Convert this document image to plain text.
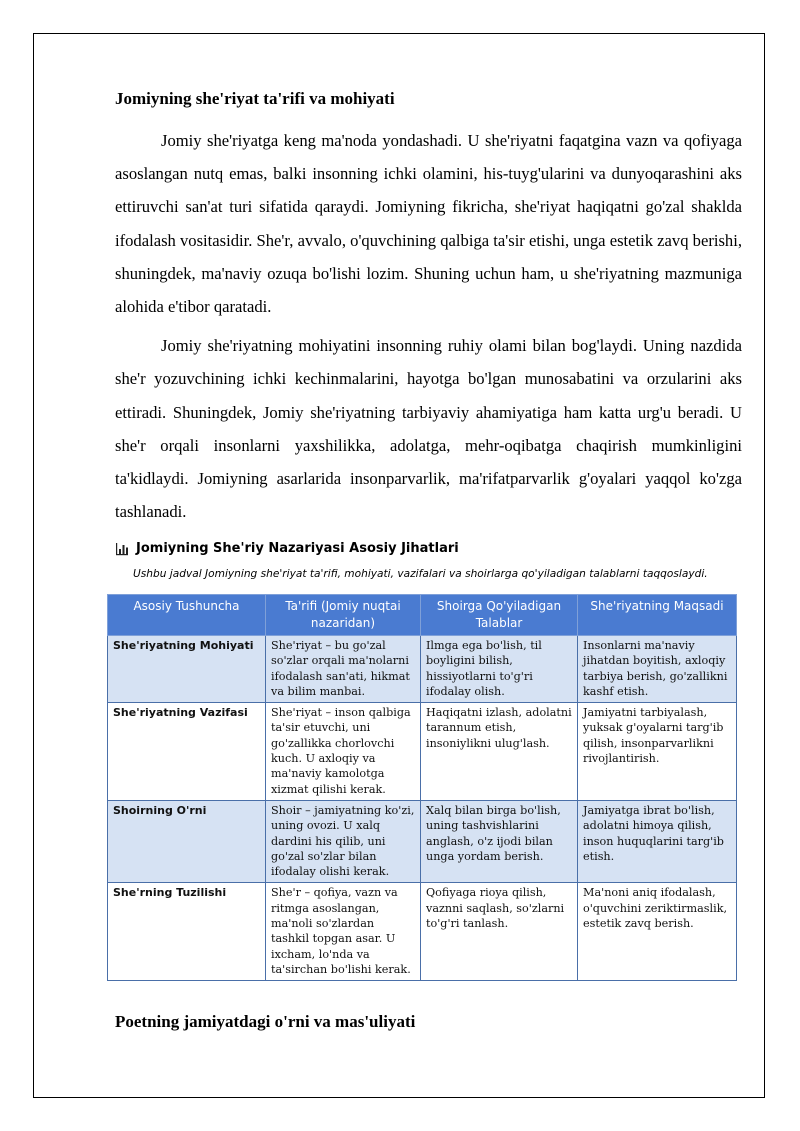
Jomiyning she'riyat ta'rifi va mohiyati

Jomiy she'riyatga keng ma'noda yondashadi. U she'riyatni faqatgina vazn va qofiyaga asoslangan nutq emas, balki insonning ichki olamini, his-tuyg'ularini va dunyoqarashini aks ettiruvchi san'at turi sifatida qaraydi. Jomiyning fikricha, she'riyat haqiqatni go'zal shaklda ifodalash vositasidir. She'r, avvalo, o'quvchining qalbiga ta'sir etishi, unga estetik zavq berishi, shuningdek, ma'naviy ozuqa bo'lishi lozim. Shuning uchun ham, u she'riyatning mazmuniga alohida e'tibor qaratadi.

Jomiy she'riyatning mohiyatini insonning ruhiy olami bilan bog'laydi. Uning nazdida she'r yozuvchining ichki kechinmalarini, hayotga bo'lgan munosabatini va orzularini aks ettiradi. Shuningdek, Jomiy she'riyatning tarbiyaviy ahamiyatiga ham katta urg'u beradi. U she'r orqali insonlarni yaxshilikka, adolatga, mehr-oqibatga chaqirish mumkinligini ta'kidlaydi. Jomiyning asarlarida insonparvarlik, ma'rifatparvarlik g'oyalari yaqqol ko'zga tashlanadi.

Jomiyning She'riy Nazariyasi Asosiy Jihatlari
Ushbu jadval Jomiyning she'riyat ta'rifi, mohiyati, vazifalari va shoirlarga qo'yiladigan talablarni taqqoslaydi.
Asosiy Tushuncha	Ta'rifi (Jomiy nuqtai nazaridan)	Shoirga Qo'yiladigan Talablar	She'riyatning Maqsadi
She'riyatning Mohiyati	She'riyat – bu go'zal so'zlar orqali ma'nolarni ifodalash san'ati, hikmat va bilim manbai.	Ilmga ega bo'lish, til boyligini bilish, hissiyotlarni to'g'ri ifodalay olish.	Insonlarni ma'naviy jihatdan boyitish, axloqiy tarbiya berish, go'zallikni kashf etish.
She'riyatning Vazifasi	She'riyat – inson qalbiga ta'sir etuvchi, uni go'zallikka chorlovchi kuch. U axloqiy va ma'naviy kamolotga xizmat qilishi kerak.	Haqiqatni izlash, adolatni tarannum etish, insoniylikni ulug'lash.	Jamiyatni tarbiyalash, yuksak g'oyalarni targ'ib qilish, insonparvarlikni rivojlantirish.
Shoirning O'rni	Shoir – jamiyatning ko'zi, uning ovozi. U xalq dardini his qilib, uni go'zal so'zlar bilan ifodalay olishi kerak.	Xalq bilan birga bo'lish, uning tashvishlarini anglash, o'z ijodi bilan unga yordam berish.	Jamiyatga ibrat bo'lish, adolatni himoya qilish, inson huquqlarini targ'ib etish.
She'rning Tuzilishi	She'r – qofiya, vazn va ritmga asoslangan, ma'noli so'zlardan tashkil topgan asar. U ixcham, lo'nda va ta'sirchan bo'lishi kerak.	Qofiyaga rioya qilish, vaznni saqlash, so'zlarni to'g'ri tanlash.	Ma'noni aniq ifodalash, o'quvchini zeriktirmaslik, estetik zavq berish.
Poetning jamiyatdagi o'rni va mas'uliyati
